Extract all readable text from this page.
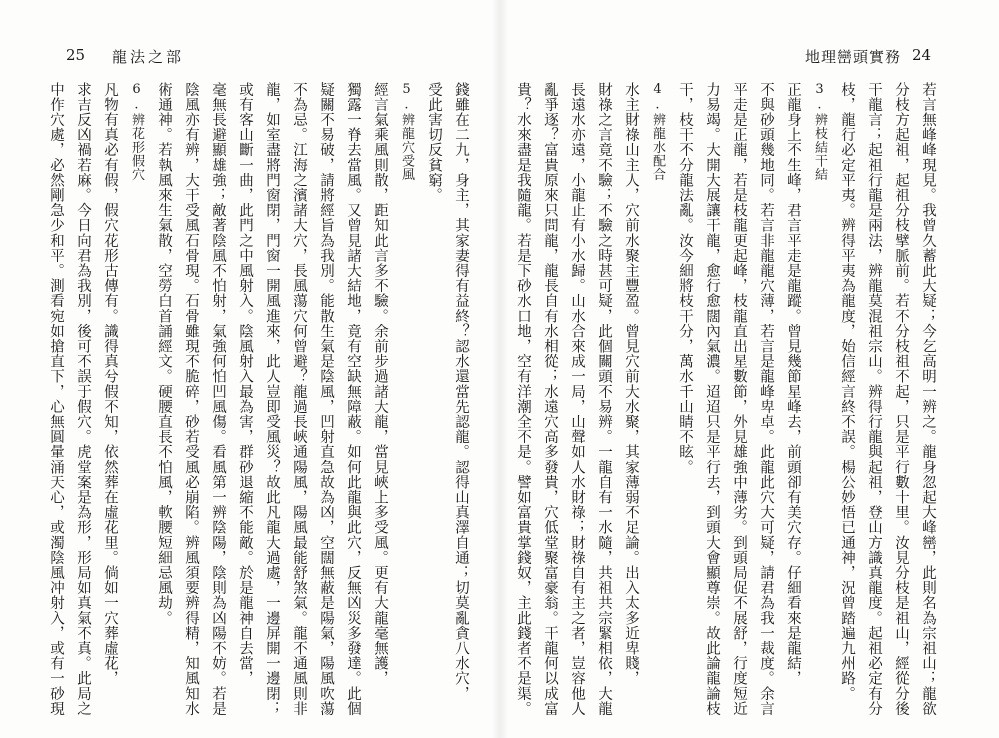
25 龍法之部
錢雖在二九，身主，其家妻得有益終？認水還當先認龍。認得山真澤自通；切莫亂貪八水穴，
受此害切反貧窮。
5.辨龍穴受風
經言氣乘風則散，距知此言多不驗。余前步過諸大龍，當見峽上多受風。更有大龍毫無護，
獨露一脊去當風。又曾見諸大結地，竟有空缺無障蔽。如何此龍與此穴，反無凶災多發達。此個
疑關不易破，請將經旨為我別。能散生氣是陰風，凹射直急故為凶，空闊無蔽是陽氣，陽風吹蕩
不為忌。江海之濱諸大穴，長風蕩穴何曾避？龍過長峽通陽風，陽風最能舒煞氣。龍不通風則非
龍，如室盡將門窗閉，門窗一開風進來，此人豈即受風災？故此凡龍大過處，一邊屏開一邊閉；
或有客山斷一曲，此門之中風射入。陰風射入最為害，群砂退縮不能敵。於是龍神自去當，
毫無長避顯雄強；敵著陰風不怕射，氣強何怕凹風傷。看風第一辨陰陽，陰則為凶陽不妨。若是
陰風亦有辨，大干受風石骨現。石骨雖現不脆碎，砂若受風必崩陷。辨風須要辨得精，知風知水
術通神。若執風來生氣散，空勞白首誦經文。硬腰直長不怕風，軟腰短細忌風劫。
6.辨花形假穴
凡物有真必有假，假穴花形古傳有。識得真兮假不知，依然葬在虛花里。倘如一穴葬虛花，
求吉反凶禍若麻。今日向君為我別，後可不誤于假穴。虎堂案是為形，形局如真氣不真。此局之
中作穴處，必然剛急少和平。測看宛如搶直下，心無圓暈涌天心，或濁陰風冲射入，或有一砂現
地理巒頭實務 24
若言無峰峰現見。我曾久蓄此大疑；今乞高明一辨之。龍身忽起大峰巒，此則名為宗祖山；龍欲
分枝方起祖，起祖分枝擘脈前。若不分枝祖不起，只是平行數十里。汝見分枝是祖山，經從分後
干龍言；起祖行龍是兩法，辨龍莫混祖宗山。辨得行龍與起祖，登山方識真龍度。起祖必定有分
枝，龍行必定平夷。辨得平夷為龍度，始信經言終不誤。楊公妙悟已通神，況曾踏遍九州路。
3.辨枝結干結
正龍身上不生峰，君言平走是龍蹤。曾見幾節星峰去，前頭卻有美穴存。仔細看來是龍結，
不與砂頭幾地同。若言非龍龍穴薄，若言是龍峰卑卓。此龍此穴大可疑，請君為我一裁度。余言
平走是正龍，若是枝龍更起峰，枝龍直出星數節，外見雄強中薄劣。到頭局促不展舒，行度短近
力易竭。大開大展讓干龍，愈行愈闊內氣濃。迢迢只是平行去，到頭大會顯尊崇。故此論龍論枝
干，枝干不分龍法亂。汝今細將枝干分，萬水千山睛不眩。
4.辨龍水配合
水主財祿山主人，穴前水聚主豐盈。曾見穴前大水聚，其家薄弱不足論。出入太多近卑賤，
財祿之言竟不驗；不驗之時甚可疑，此個關頭不易辨。一龍自有一水隨，共祖共宗緊相依，大龍
長遠水亦遠，小龍止有小水歸。山水合來成一局，山聲如人水財祿；財祿自有主之者，豈容他人
亂爭逐？富貴原來只問龍，龍長自有水相從；水遠穴高多發貴，穴低堂聚富豪翁。干龍何以成富
貴？水來盡是我隨龍。若是下砂水口地，空有洋潮全不是。譬如富貴掌錢奴，主此錢者不是渠。
